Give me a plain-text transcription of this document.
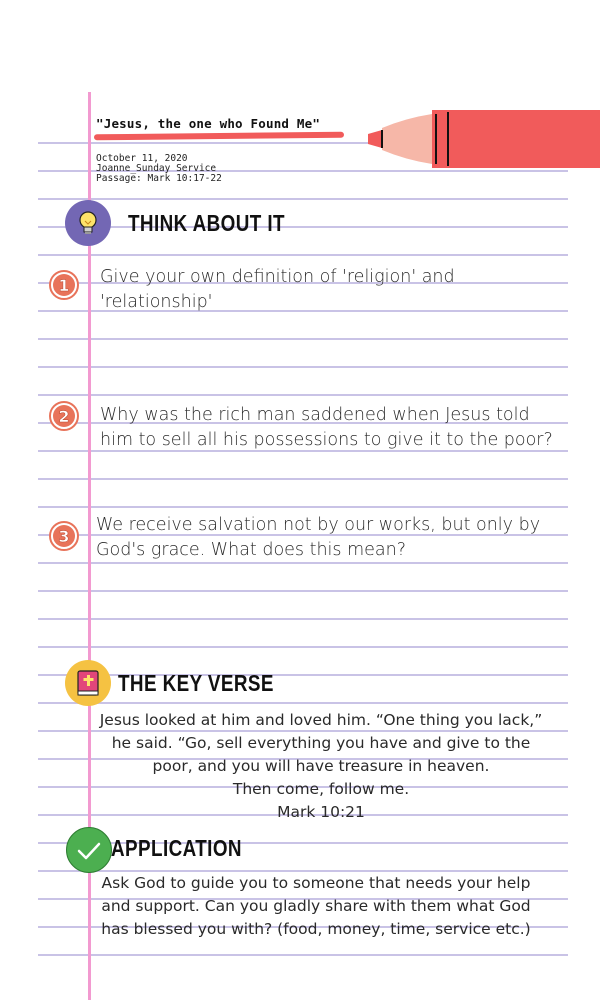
"Jesus, the one who Found Me"
October 11, 2020
Joanne_Sunday Service
Passage: Mark 10:17-22
THINK ABOUT IT
1 Give your own definition of 'religion' and
'relationship'
2 Why was the rich man saddened when Jesus told
him to sell all his possessions to give it to the poor?
3
We receive salvation not by our works, but only by
God's grace. What does this mean?
THE KEY VERSE
Jesus looked at him and loved him. “One thing you lack,”
he said. “Go, sell everything you have and give to the
poor, and you will have treasure in heaven.
Then come, follow me.
Mark 10:21
APPLICATION
Ask God to guide you to someone that needs your help
and support. Can you gladly share with them what God
has blessed you with? (food, money, time, service etc.)
